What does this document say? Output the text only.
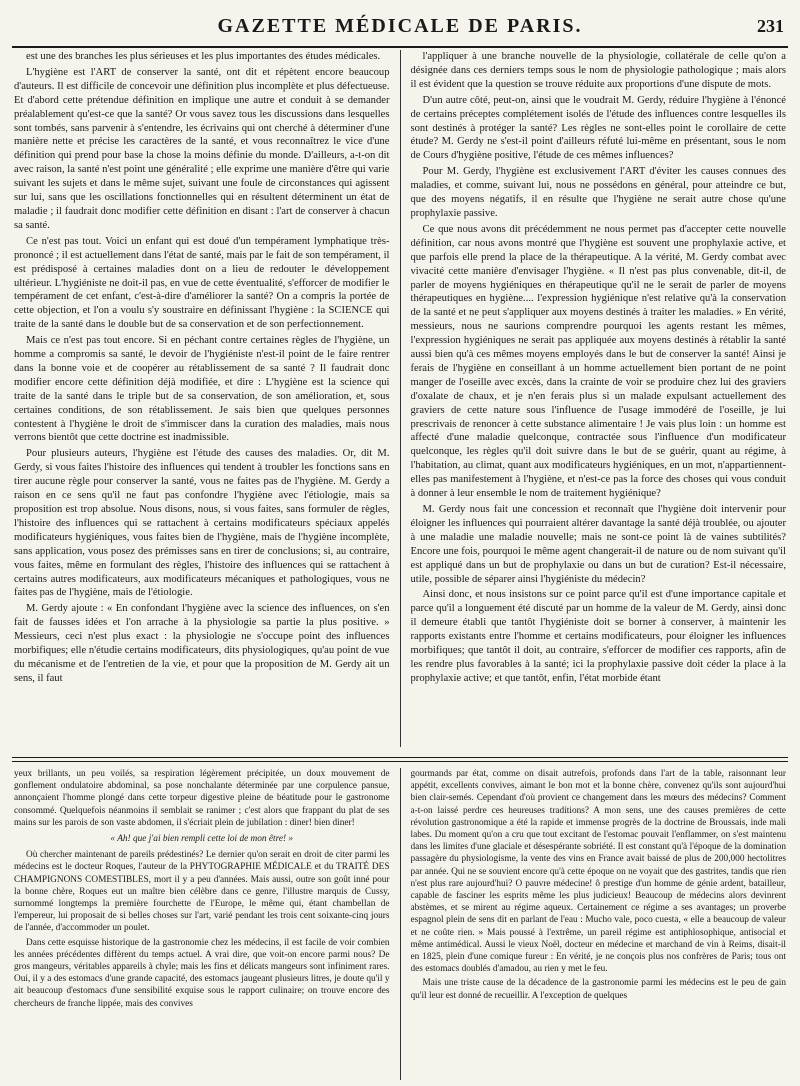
GAZETTE MÉDICALE DE PARIS.	231

est une des branches les plus sérieuses et les plus importantes des études médicales.

L'hygiène est l'ART de conserver la santé, ont dit et répètent encore beaucoup d'auteurs. Il est difficile de concevoir une définition plus incomplète et plus défectueuse. Et d'abord cette prétendue définition en implique une autre et conduit à se demander préalablement qu'est-ce que la santé? Or vous savez tous les discussions dans lesquelles sont tombés, sans parvenir à s'entendre, les écrivains qui ont cherché à déterminer d'une manière nette et précise les caractères de la santé, et vous reconnaîtrez le vice d'une définition qui prend pour base la chose la moins définie du monde. D'ailleurs, a-t-on dit avec raison, la santé n'est point une généralité ; elle exprime une manière d'être qui varie suivant les sujets et dans le même sujet, suivant une foule de circonstances qui agissent sur lui, sans que les oscillations fonctionnelles qui en résultent déterminent un état de maladie ; il faudrait donc modifier cette définition en disant : l'art de conserver à chacun sa santé.

Ce n'est pas tout. Voici un enfant qui est doué d'un tempérament lymphatique très-prononcé ; il est actuellement dans l'état de santé, mais par le fait de son tempérament, il est prédisposé à certaines maladies dont on a lieu de redouter le développement ultérieur. L'hygiéniste ne doit-il pas, en vue de cette éventualité, s'efforcer de modifier le tempérament de cet enfant, c'est-à-dire d'améliorer la santé? On a compris la portée de cette objection, et l'on a voulu s'y soustraire en définissant l'hygiène : la SCIENCE qui traite de la santé dans le double but de sa conservation et de son perfectionnement.

Mais ce n'est pas tout encore. Si en péchant contre certaines règles de l'hygiène, un homme a compromis sa santé, le devoir de l'hygiéniste n'est-il point de le faire rentrer dans la bonne voie et de coopérer au rétablissement de sa santé ? Il faudrait donc modifier encore cette définition déjà modifiée, et dire : L'hygiène est la science qui traite de la santé dans le triple but de sa conservation, de son amélioration, et, sous certaines conditions, de son rétablissement. Je sais bien que quelques personnes contestent à l'hygiène le droit de s'immiscer dans la curation des maladies, mais nous verrons bientôt que cette doctrine est inadmissible.

Pour plusieurs auteurs, l'hygiène est l'étude des causes des maladies. Or, dit M. Gerdy, si vous faites l'histoire des influences qui tendent à troubler les fonctions sans en tirer aucune règle pour conserver la santé, vous ne faites pas de l'hygiène. M. Gerdy a raison en ce sens qu'il ne faut pas confondre l'hygiène avec l'étiologie, mais sa proposition est trop absolue. Nous disons, nous, si vous faites, sans formuler de règles, l'histoire des influences qui se rattachent à certains modificateurs spéciaux appelés modificateurs hygiéniques, vous faites bien de l'hygiène, mais de l'hygiène incomplète, sans application, vous posez des prémisses sans en tirer de conclusions; si, au contraire, vous faites, même en formulant des règles, l'histoire des influences qui se rattachent à certains autres modificateurs, aux modificateurs mécaniques et pathologiques, vous ne faites pas de l'hygiène, mais de l'étiologie.

M. Gerdy ajoute : « En confondant l'hygiène avec la science des influences, on s'en fait de fausses idées et l'on arrache à la physiologie sa partie la plus positive. » Messieurs, ceci n'est plus exact : la physiologie ne s'occupe point des influences morbifiques; elle n'étudie certains modificateurs, dits physiologiques, qu'au point de vue du mécanisme et de l'entretien de la vie, et pour que la proposition de M. Gerdy ait un sens, il faut

l'appliquer à une branche nouvelle de la physiologie, collatérale de celle qu'on a désignée dans ces derniers temps sous le nom de physiologie pathologique ; mais alors il est évident que la question se trouve réduite aux proportions d'une dispute de mots.

D'un autre côté, peut-on, ainsi que le voudrait M. Gerdy, réduire l'hygiène à l'énoncé de certains préceptes complétement isolés de l'étude des influences contre lesquelles ils sont destinés à protéger la santé? Les règles ne sont-elles point le corollaire de cette étude? M. Gerdy ne s'est-il point d'ailleurs réfuté lui-même en présentant, sous le nom de Cours d'hygiène positive, l'étude de ces mêmes influences?

Pour M. Gerdy, l'hygiène est exclusivement l'ART d'éviter les causes connues des maladies, et comme, suivant lui, nous ne possédons en général, pour atteindre ce but, que des moyens négatifs, il en résulte que l'hygiène ne serait autre chose qu'une prophylaxie passive.

Ce que nous avons dit précédemment ne nous permet pas d'accepter cette nouvelle définition, car nous avons montré que l'hygiène est souvent une prophylaxie active, et que parfois elle prend la place de la thérapeutique. A la vérité, M. Gerdy combat avec vivacité cette manière d'envisager l'hygiène. « Il n'est pas plus convenable, dit-il, de parler de moyens hygiéniques en thérapeutique qu'il ne le serait de parler de moyens thérapeutiques en hygiène.... l'expression hygiénique n'est relative qu'à la conservation de la santé et ne peut s'appliquer aux moyens destinés à traiter les maladies. » En vérité, messieurs, nous ne saurions comprendre pourquoi les agents restant les mêmes, l'expression hygiéniques ne serait pas appliquée aux moyens destinés à rétablir la santé aussi bien qu'à ces mêmes moyens employés dans le but de conserver la santé! Ainsi je ferais de l'hygiène en conseillant à un homme actuellement bien portant de ne point manger de l'oseille avec excès, dans la crainte de voir se produire chez lui des graviers d'oxalate de chaux, et je n'en ferais plus si un malade expulsant actuellement des graviers de cette nature sous l'influence de l'usage immodéré de l'oseille, je lui prescrivais de renoncer à cette substance alimentaire ! Je vais plus loin : un homme est affecté d'une maladie quelconque, contractée sous l'influence d'un modificateur quelconque, les règles qu'il doit suivre dans le but de se guérir, quant au régime, à l'habitation, au climat, quant aux modificateurs hygiéniques, en un mot, n'appartiennent-elles pas manifestement à l'hygiène, et n'est-ce pas la force des choses qui vous conduit à donner à leur ensemble le nom de traitement hygiénique?

M. Gerdy nous fait une concession et reconnaît que l'hygiène doit intervenir pour éloigner les influences qui pourraient altérer davantage la santé déjà troublée, ou ajouter à une maladie une maladie nouvelle; mais ne sont-ce point là de vaines subtilités? Encore une fois, pourquoi le même agent changerait-il de nature ou de nom suivant qu'il est appliqué dans un but de prophylaxie ou dans un but de curation? Est-il nécessaire, utile, possible de séparer ainsi l'hygiéniste du médecin?

Ainsi donc, et nous insistons sur ce point parce qu'il est d'une importance capitale et parce qu'il a longuement été discuté par un homme de la valeur de M. Gerdy, ainsi donc il demeure établi que tantôt l'hygiéniste doit se borner à conserver, à maintenir les rapports existants entre l'homme et certains modificateurs, pour éloigner les influences morbifiques; que tantôt il doit, au contraire, s'efforcer de modifier ces rapports, afin de les rendre plus favorables à la santé; ici la prophylaxie passive doit céder la place à la prophylaxie active; et que tantôt, enfin, l'état morbide étant

yeux brillants, un peu voilés, sa respiration légèrement précipitée, un doux mouvement de gonflement ondulatoire abdominal, sa pose nonchalante déterminée par une corpulence pansue, annonçaient l'homme plongé dans cette torpeur digestive pleine de béatitude pour le gastronome consommé. Quelquefois néanmoins il semblait se ranimer ; c'est alors que frappant du plat de ses mains sur les parois de son vaste abdomen, il s'écriait plein de jubilation : diner! bien diner!

« Ah! que j'ai bien rempli cette loi de mon être! »

Où chercher maintenant de pareils prédestinés? Le dernier qu'on serait en droit de citer parmi les médecins est le docteur Roques, l'auteur de la PHYTOGRAPHIE MÉDICALE et du TRAITÉ DES CHAMPIGNONS COMESTIBLES, mort il y a peu d'années. Mais aussi, outre son goût inné pour la bonne chère, Roques eut un maître bien célèbre dans ce genre, l'illustre marquis de Cussy, surnommé longtemps la première fourchette de l'Europe, le même qui, étant chambellan de l'empereur, lui proposait de si belles choses sur l'art, varié pendant les trois cent soixante-cinq jours de l'année, d'accommoder un poulet.

Dans cette esquisse historique de la gastronomie chez les médecins, il est facile de voir combien les années précédentes diffèrent du temps actuel. A vrai dire, que voit-on encore parmi nous? De gros mangeurs, véritables appareils à chyle; mais les fins et délicats mangeurs sont infiniment rares. Oui, il y a des estomacs d'une grande capacité, des estomacs jaugeant plusieurs litres, je doute qu'il y ait beaucoup d'estomacs d'une sensibilité exquise sous le rapport culinaire; on trouve encore des chercheurs de franche lippée, mais des convives

gourmands par état, comme on disait autrefois, profonds dans l'art de la table, raisonnant leur appétit, excellents convives, aimant le bon mot et la bonne chère, convenez qu'ils sont aujourd'hui bien clair-semés. Cependant d'où provient ce changement dans les mœurs des médecins? Comment a-t-on laissé perdre ces heureuses traditions? A mon sens, une des causes premières de cette révolution gastronomique a été la rapide et immense progrès de la doctrine de Broussais, inde mali labes. Du moment qu'on a cru que tout excitant de l'estomac pouvait l'enflammer, on s'est maintenu dans les limites d'une glaciale et désespérante sobriété. Il est constant qu'à l'époque de la domination passagère du physiologisme, la vente des vins en France avait baissé de plus de 200,000 hectolitres par année. Qui ne se souvient encore qu'à cette époque on ne voyait que des gastrites, tandis que rien n'est plus rare aujourd'hui? O pauvre médecine! ô prestige d'un homme de génie ardent, batailleur, capable de fasciner les esprits même les plus judicieux! Beaucoup de médecins alors devinrent abstèmes, et se mirent au régime aqueux. Certainement ce régime a ses avantages; un proverbe espagnol plein de sens dit en parlant de l'eau : Mucho vale, poco cuesta, « elle a beaucoup de valeur et ne coûte rien. » Mais poussé à l'extrême, un pareil régime est antiphlosophique, antisocial et même antimédical. Aussi le vieux Noël, docteur en médecine et marchand de vin à Reims, disait-il en 1825, plein d'une comique fureur : En vérité, je ne conçois plus nos confrères de Paris; tous ont des estomacs doublés d'amadou, au rien y met le feu.

Mais une triste cause de la décadence de la gastronomie parmi les médecins est le peu de gain qu'il leur est donné de recueillir. A l'exception de quelques
